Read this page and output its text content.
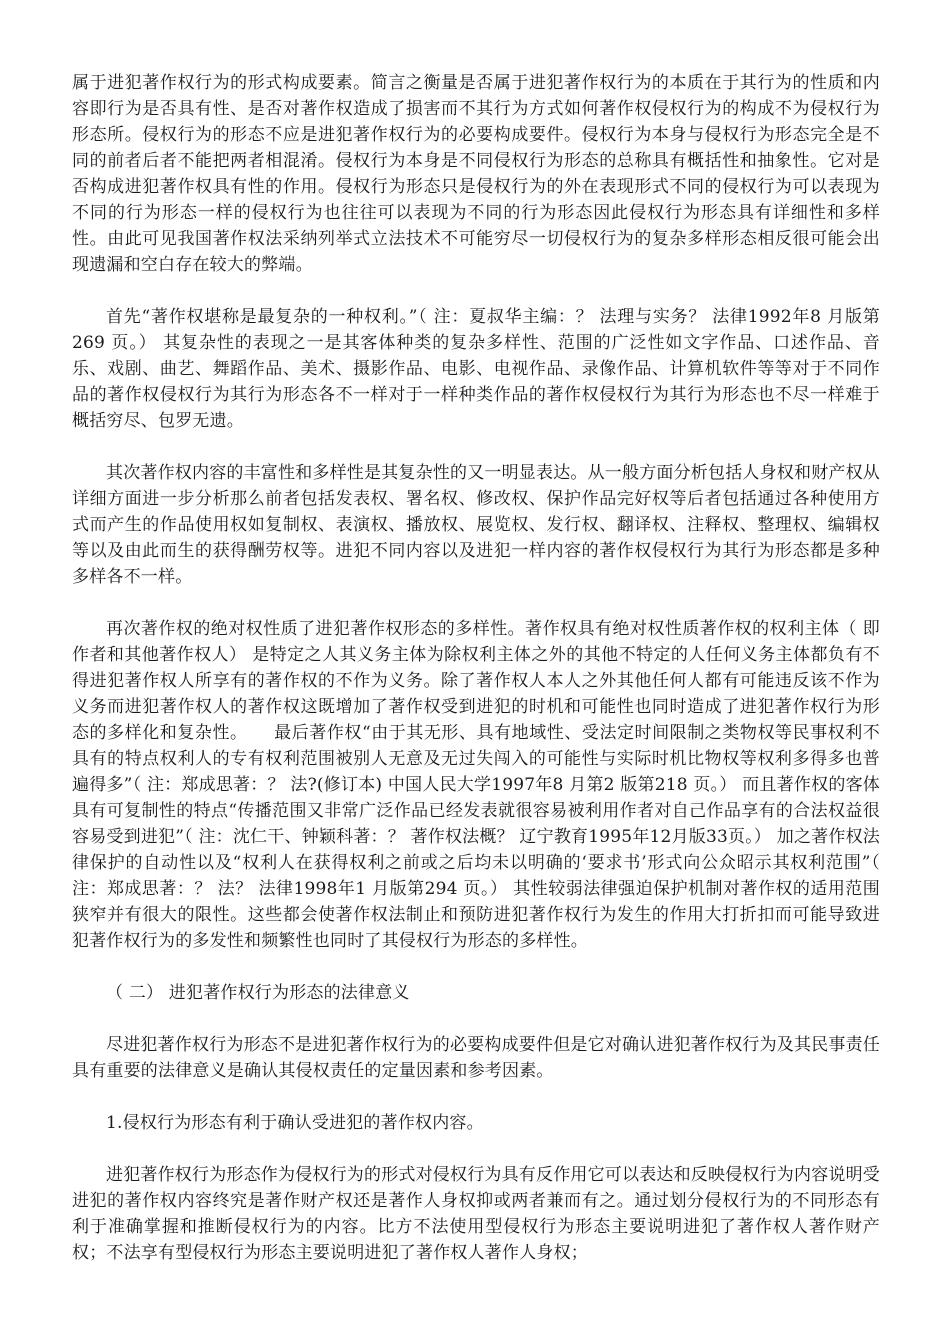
属于进犯著作权行为的形式构成要素。简言之衡量是否属于进犯著作权行为的本质在于其行为的性质和内容即行为是否具有性、是否对著作权造成了损害而不其行为方式如何著作权侵权行为的构成不为侵权行为形态所。侵权行为的形态不应是进犯著作权行为的必要构成要件。侵权行为本身与侵权行为形态完全是不同的前者后者不能把两者相混淆。侵权行为本身是不同侵权行为形态的总称具有概括性和抽象性。它对是否构成进犯著作权具有性的作用。侵权行为形态只是侵权行为的外在表现形式不同的侵权行为可以表现为不同的行为形态一样的侵权行为也往往可以表现为不同的行为形态因此侵权行为形态具有详细性和多样性。由此可见我国著作权法采纳列举式立法技术不可能穷尽一切侵权行为的复杂多样形态相反很可能会出现遗漏和空白存在较大的弊端。

首先“著作权堪称是最复杂的一种权利。”（ 注：夏叔华主编：？ 法理与实务？ 法律1992年8 月版第269 页。） 其复杂性的表现之一是其客体种类的复杂多样性、范围的广泛性如文字作品、口述作品、音乐、戏剧、曲艺、舞蹈作品、美术、摄影作品、电影、电视作品、录像作品、计算机软件等等对于不同作品的著作权侵权行为其行为形态各不一样对于一样种类作品的著作权侵权行为其行为形态也不尽一样难于概括穷尽、包罗无遗。

其次著作权内容的丰富性和多样性是其复杂性的又一明显表达。从一般方面分析包括人身权和财产权从详细方面进一步分析那么前者包括发表权、署名权、修改权、保护作品完好权等后者包括通过各种使用方式而产生的作品使用权如复制权、表演权、播放权、展览权、发行权、翻译权、注释权、整理权、编辑权等以及由此而生的获得酬劳权等。进犯不同内容以及进犯一样内容的著作权侵权行为其行为形态都是多种多样各不一样。

再次著作权的绝对权性质了进犯著作权形态的多样性。著作权具有绝对权性质著作权的权利主体（ 即作者和其他著作权人） 是特定之人其义务主体为除权利主体之外的其他不特定的人任何义务主体都负有不得进犯著作权人所享有的著作权的不作为义务。除了著作权人本人之外其他任何人都有可能违反该不作为义务而进犯著作权人的著作权这既增加了著作权受到进犯的时机和可能性也同时造成了进犯著作权行为形态的多样化和复杂性。　　最后著作权“由于其无形、具有地域性、受法定时间限制之类物权等民事权利不具有的特点权利人的专有权利范围被别人无意及无过失闯入的可能性与实际时机比物权等权利多得多也普遍得多”（ 注：郑成思著：？ 法?(修订本) 中国人民大学1997年8 月第2 版第218 页。） 而且著作权的客体具有可复制性的特点“传播范围又非常广泛作品已经发表就很容易被利用作者对自己作品享有的合法权益很容易受到进犯”（ 注：沈仁干、钟颖科著：？ 著作权法概？ 辽宁教育1995年12月版33页。） 加之著作权法律保护的自动性以及“权利人在获得权利之前或之后均未以明确的‘要求书’形式向公众昭示其权利范围”（ 注：郑成思著：？ 法？ 法律1998年1 月版第294 页。） 其性较弱法律强迫保护机制对著作权的适用范围狭窄并有很大的限性。这些都会使著作权法制止和预防进犯著作权行为发生的作用大打折扣而可能导致进犯著作权行为的多发性和频繁性也同时了其侵权行为形态的多样性。

（ 二） 进犯著作权行为形态的法律意义

尽进犯著作权行为形态不是进犯著作权行为的必要构成要件但是它对确认进犯著作权行为及其民事责任具有重要的法律意义是确认其侵权责任的定量因素和参考因素。

1.侵权行为形态有利于确认受进犯的著作权内容。

进犯著作权行为形态作为侵权行为的形式对侵权行为具有反作用它可以表达和反映侵权行为内容说明受进犯的著作权内容终究是著作财产权还是著作人身权抑或两者兼而有之。通过划分侵权行为的不同形态有利于准确掌握和推断侵权行为的内容。比方不法使用型侵权行为形态主要说明进犯了著作权人著作财产权；不法享有型侵权行为形态主要说明进犯了著作权人著作人身权；
